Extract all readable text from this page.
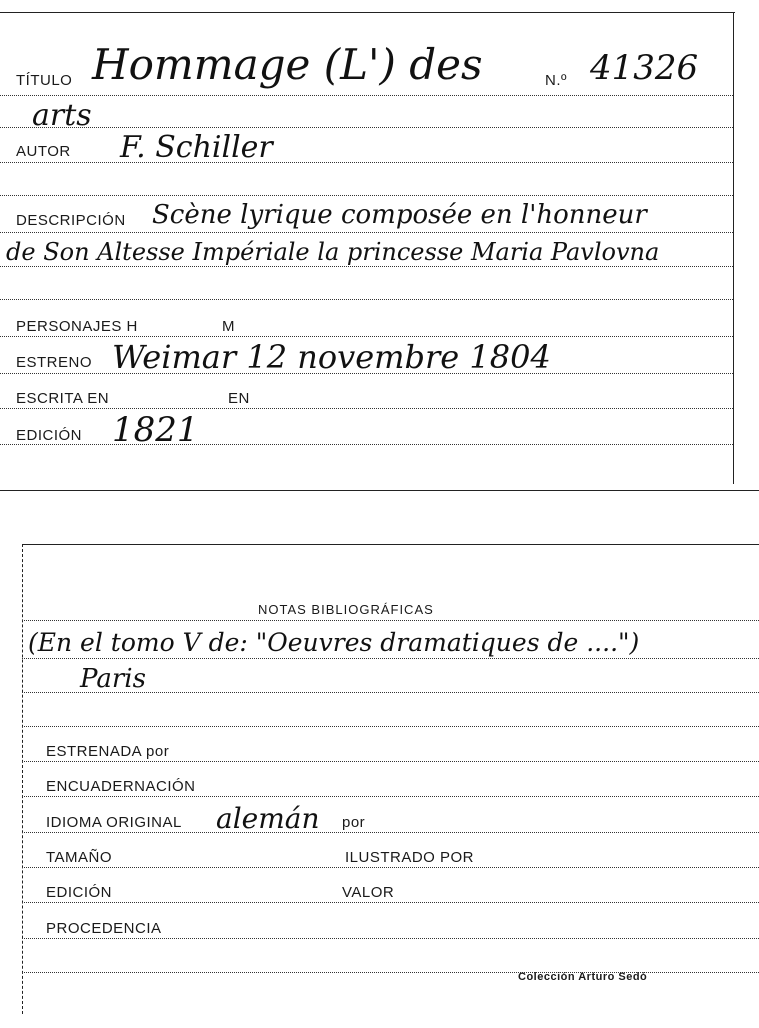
TÍTULO Hommage (L') des	N.º 41326
arts
AUTOR F. Schiller
DESCRIPCIÓN Scène lyrique composée en l'honneur
de Son Altesse Impériale la princesse Maria Pavlovna
PERSONAJES H	M
ESTRENO Weimar 12 novembre 1804
ESCRITA EN	EN
EDICIÓN 1821
NOTAS BIBLIOGRÁFICAS
(En el tomo V de: "Oeuvres dramatiques de ....")
Paris
ESTRENADA por
ENCUADERNACIÓN
IDIOMA ORIGINAL alemán por
TAMAÑO	ILUSTRADO POR
EDICIÓN	VALOR
PROCEDENCIA
Colección Arturo Sedó
